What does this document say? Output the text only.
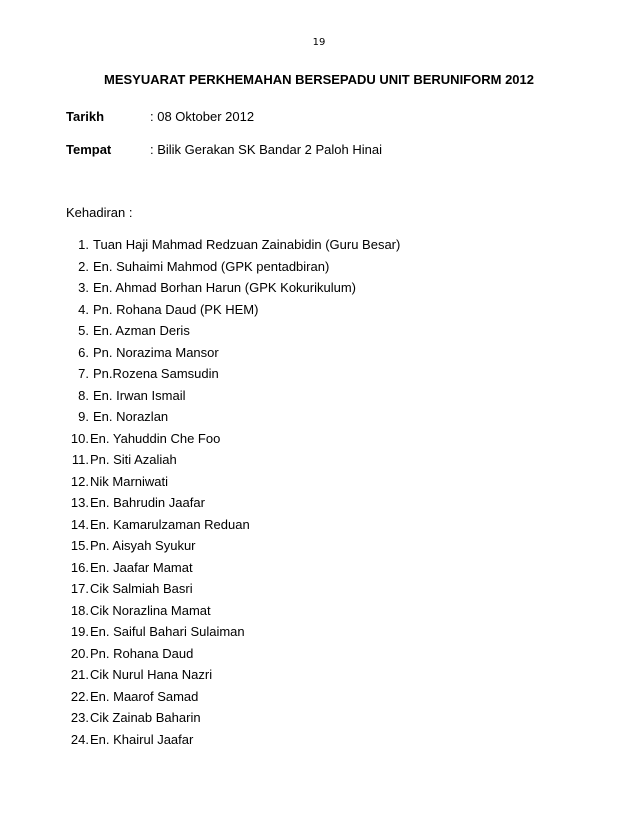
19
MESYUARAT PERKHEMAHAN BERSEPADU UNIT BERUNIFORM 2012
Tarikh	: 08 Oktober 2012
Tempat	: Bilik Gerakan SK Bandar 2 Paloh Hinai
Kehadiran :
1. Tuan Haji Mahmad Redzuan Zainabidin (Guru Besar)
2. En. Suhaimi Mahmod (GPK pentadbiran)
3. En. Ahmad Borhan Harun (GPK Kokurikulum)
4. Pn. Rohana Daud (PK HEM)
5. En. Azman Deris
6. Pn. Norazima Mansor
7. Pn.Rozena Samsudin
8. En. Irwan Ismail
9. En. Norazlan
10.En. Yahuddin Che Foo
11.Pn. Siti Azaliah
12.Nik Marniwati
13.En. Bahrudin Jaafar
14.En. Kamarulzaman Reduan
15.Pn. Aisyah Syukur
16.En. Jaafar Mamat
17.Cik Salmiah Basri
18.Cik Norazlina Mamat
19.En. Saiful Bahari Sulaiman
20.Pn. Rohana Daud
21.Cik Nurul Hana Nazri
22.En. Maarof Samad
23.Cik Zainab Baharin
24.En. Khairul Jaafar
